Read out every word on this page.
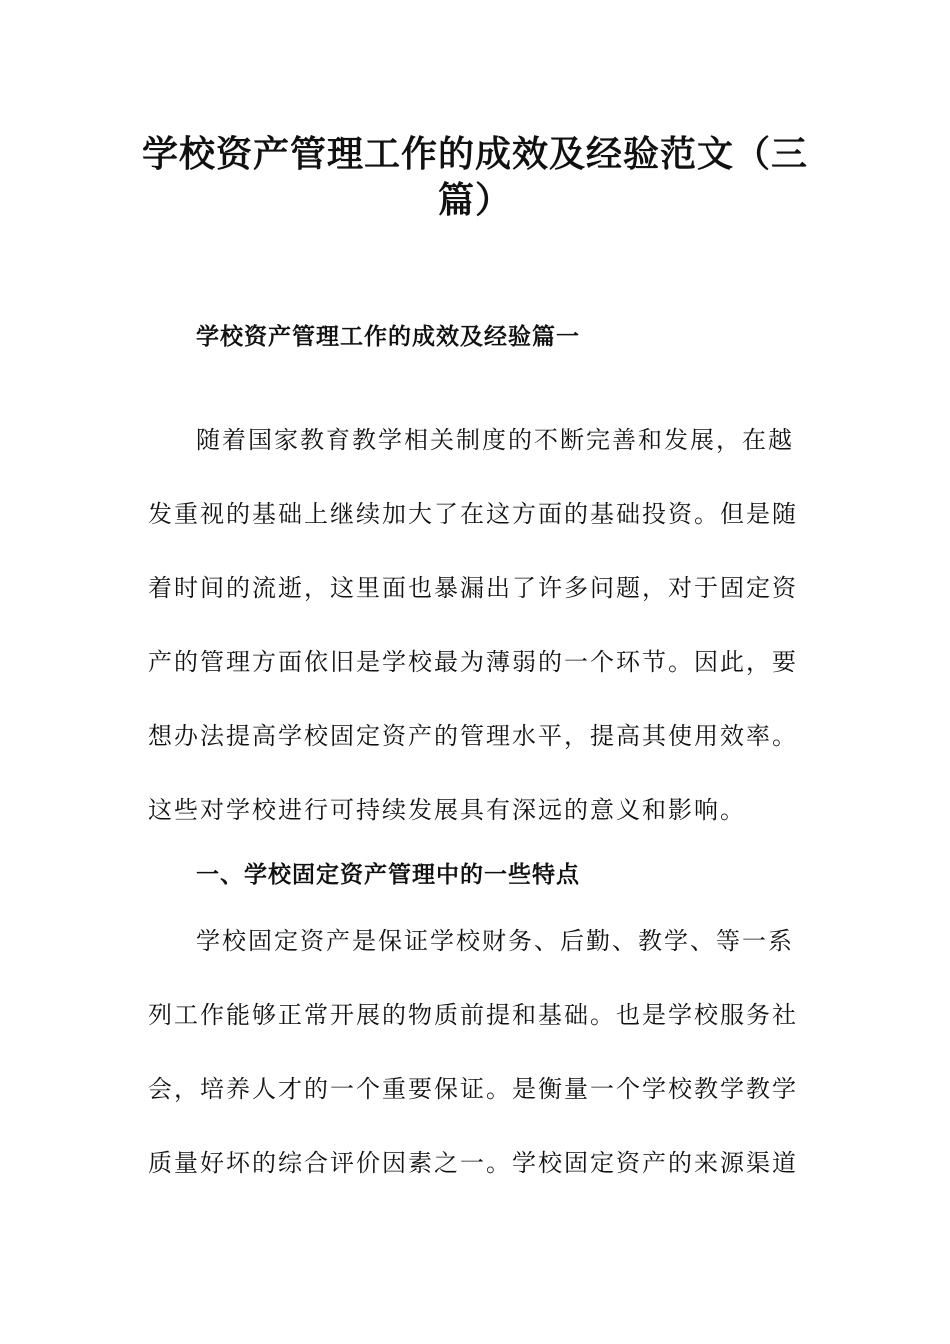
学校资产管理工作的成效及经验范文（三
篇）
学校资产管理工作的成效及经验篇一
随着国家教育教学相关制度的不断完善和发展，在越
发重视的基础上继续加大了在这方面的基础投资。但是随
着时间的流逝，这里面也暴漏出了许多问题，对于固定资
产的管理方面依旧是学校最为薄弱的一个环节。因此，要
想办法提高学校固定资产的管理水平，提高其使用效率。
这些对学校进行可持续发展具有深远的意义和影响。
一、学校固定资产管理中的一些特点
学校固定资产是保证学校财务、后勤、教学、等一系
列工作能够正常开展的物质前提和基础。也是学校服务社
会，培养人才的一个重要保证。是衡量一个学校教学教学
质量好坏的综合评价因素之一。学校固定资产的来源渠道
